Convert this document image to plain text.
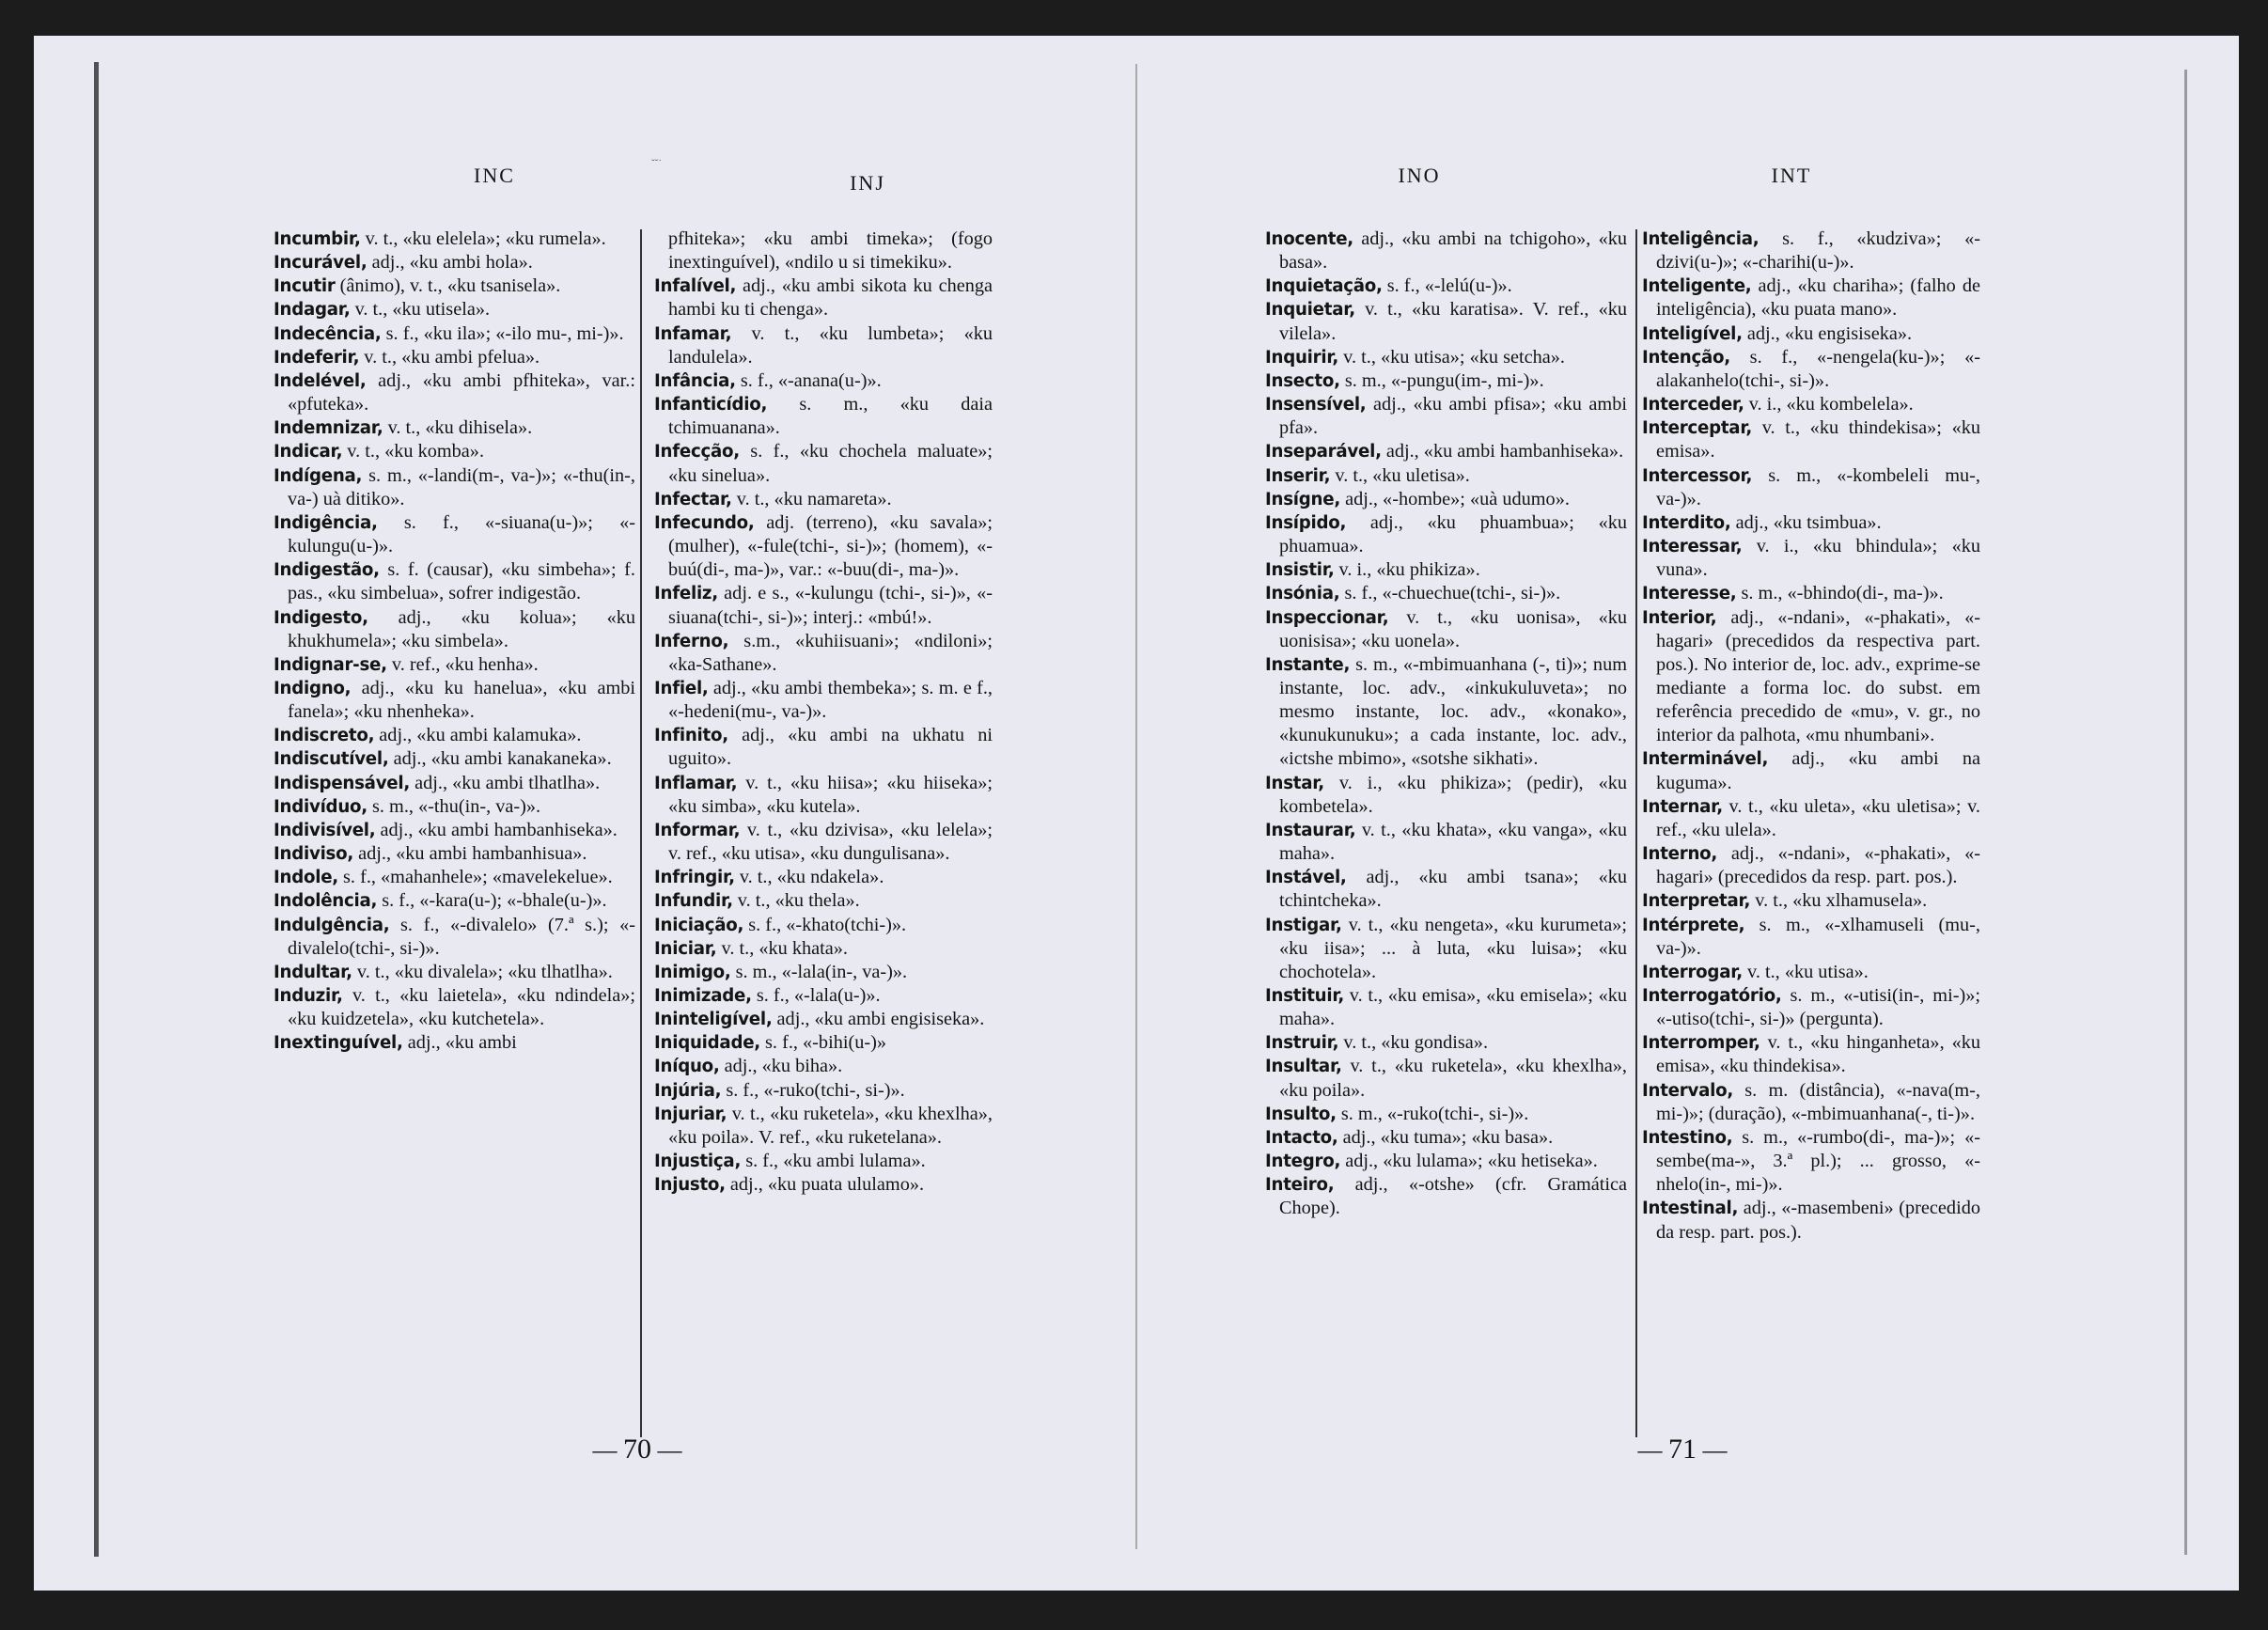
INC	ˇˇ˙
INJ

Incumbir, v. t., «ku elelela»; «ku rumela».

Incurável, adj., «ku ambi hola».

Incutir (ânimo), v. t., «ku tsanisela».

Indagar, v. t., «ku utisela».

Indecência, s. f., «ku ila»; «-ilo mu-, mi-)».

Indeferir, v. t., «ku ambi pfelua».

Indelével, adj., «ku ambi pfhiteka», var.: «pfuteka».

Indemnizar, v. t., «ku dihisela».

Indicar, v. t., «ku komba».

Indígena, s. m., «-landi(m-, va-)»; «-thu(in-, va-) uà ditiko».

Indigência, s. f., «-siuana(u-)»; «-kulungu(u-)».

Indigestão, s. f. (causar), «ku simbeha»; f. pas., «ku simbelua», sofrer indigestão.

Indigesto, adj., «ku kolua»; «ku khukhumela»; «ku simbela».

Indignar-se, v. ref., «ku henha».

Indigno, adj., «ku ku hanelua», «ku ambi fanela»; «ku nhenheka».

Indiscreto, adj., «ku ambi kalamuka».

Indiscutível, adj., «ku ambi kanakaneka».

Indispensável, adj., «ku ambi tlhatlha».

Indivíduo, s. m., «-thu(in-, va-)».

Indivisível, adj., «ku ambi hambanhiseka».

Indiviso, adj., «ku ambi hambanhisua».

Indole, s. f., «mahanhele»; «mavelekelue».

Indolência, s. f., «-kara(u-); «-bhale(u-)».

Indulgência, s. f., «-divalelo» (7.ª s.); «-divalelo(tchi-, si-)».

Indultar, v. t., «ku divalela»; «ku tlhatlha».

Induzir, v. t., «ku laietela», «ku ndindela»; «ku kuidzetela», «ku kutchetela».

Inextinguível, adj., «ku ambi

pfhiteka»; «ku ambi timeka»; (fogo inextinguível), «ndilo u si timekiku».

Infalível, adj., «ku ambi sikota ku chenga hambi ku ti chenga».

Infamar, v. t., «ku lumbeta»; «ku landulela».

Infância, s. f., «-anana(u-)».

Infanticídio, s. m., «ku daia tchimuanana».

Infecção, s. f., «ku chochela maluate»; «ku sinelua».

Infectar, v. t., «ku namareta».

Infecundo, adj. (terreno), «ku savala»; (mulher), «-fule(tchi-, si-)»; (homem), «-buú(di-, ma-)», var.: «-buu(di-, ma-)».

Infeliz, adj. e s., «-kulungu (tchi-, si-)», «-siuana(tchi-, si-)»; interj.: «mbú!».

Inferno, s.m., «kuhiisuani»; «ndiloni»; «ka-Sathane».

Infiel, adj., «ku ambi thembeka»; s. m. e f., «-hedeni(mu-, va-)».

Infinito, adj., «ku ambi na ukhatu ni uguito».

Inflamar, v. t., «ku hiisa»; «ku hiiseka»; «ku simba», «ku kutela».

Informar, v. t., «ku dzivisa», «ku lelela»; v. ref., «ku utisa», «ku dungulisana».

Infringir, v. t., «ku ndakela».

Infundir, v. t., «ku thela».

Iniciação, s. f., «-khato(tchi-)».

Iniciar, v. t., «ku khata».

Inimigo, s. m., «-lala(in-, va-)».

Inimizade, s. f., «-lala(u-)».

Ininteligível, adj., «ku ambi engisiseka».

Iniquidade, s. f., «-bihi(u-)»

Iníquo, adj., «ku biha».

Injúria, s. f., «-ruko(tchi-, si-)».

Injuriar, v. t., «ku ruketela», «ku khexlha», «ku poila». V. ref., «ku ruketelana».

Injustiça, s. f., «ku ambi lulama».

Injusto, adj., «ku puata ululamo».

— 70 —
INO	INT

Inocente, adj., «ku ambi na tchigoho», «ku basa».

Inquietação, s. f., «-lelú(u-)».

Inquietar, v. t., «ku karatisa». V. ref., «ku vilela».

Inquirir, v. t., «ku utisa»; «ku setcha».

Insecto, s. m., «-pungu(im-, mi-)».

Insensível, adj., «ku ambi pfisa»; «ku ambi pfa».

Inseparável, adj., «ku ambi hambanhiseka».

Inserir, v. t., «ku uletisa».

Insígne, adj., «-hombe»; «uà udumo».

Insípido, adj., «ku phuambua»; «ku phuamua».

Insistir, v. i., «ku phikiza».

Insónia, s. f., «-chuechue(tchi-, si-)».

Inspeccionar, v. t., «ku uonisa», «ku uonisisa»; «ku uonela».

Instante, s. m., «-mbimuanhana (-, ti)»; num instante, loc. adv., «inkukuluveta»; no mesmo instante, loc. adv., «konako», «kunukunuku»; a cada instante, loc. adv., «ictshe mbimo», «sotshe sikhati».

Instar, v. i., «ku phikiza»; (pedir), «ku kombetela».

Instaurar, v. t., «ku khata», «ku vanga», «ku maha».

Instável, adj., «ku ambi tsana»; «ku tchintcheka».

Instigar, v. t., «ku nengeta», «ku kurumeta»; «ku iisa»; ... à luta, «ku luisa»; «ku chochotela».

Instituir, v. t., «ku emisa», «ku emisela»; «ku maha».

Instruir, v. t., «ku gondisa».

Insultar, v. t., «ku ruketela», «ku khexlha», «ku poila».

Insulto, s. m., «-ruko(tchi-, si-)».

Intacto, adj., «ku tuma»; «ku basa».

Integro, adj., «ku lulama»; «ku hetiseka».

Inteiro, adj., «-otshe» (cfr. Gramática Chope).

Inteligência, s. f., «kudziva»; «-dzivi(u-)»; «-charihi(u-)».

Inteligente, adj., «ku chariha»; (falho de inteligência), «ku puata mano».

Inteligível, adj., «ku engisiseka».

Intenção, s. f., «-nengela(ku-)»; «-alakanhelo(tchi-, si-)».

Interceder, v. i., «ku kombelela».

Interceptar, v. t., «ku thindekisa»; «ku emisa».

Intercessor, s. m., «-kombeleli mu-, va-)».

Interdito, adj., «ku tsimbua».

Interessar, v. i., «ku bhindula»; «ku vuna».

Interesse, s. m., «-bhindo(di-, ma-)».

Interior, adj., «-ndani», «-phakati», «-hagari» (precedidos da respectiva part. pos.). No interior de, loc. adv., exprime-se mediante a forma loc. do subst. em referência precedido de «mu», v. gr., no interior da palhota, «mu nhumbani».

Interminável, adj., «ku ambi na kuguma».

Internar, v. t., «ku uleta», «ku uletisa»; v. ref., «ku ulela».

Interno, adj., «-ndani», «-phakati», «-hagari» (precedidos da resp. part. pos.).

Interpretar, v. t., «ku xlhamusela».

Intérprete, s. m., «-xlhamuseli (mu-, va-)».

Interrogar, v. t., «ku utisa».

Interrogatório, s. m., «-utisi(in-, mi-)»; «-utiso(tchi-, si-)» (pergunta).

Interromper, v. t., «ku hinganheta», «ku emisa», «ku thindekisa».

Intervalo, s. m. (distância), «-nava(m-, mi-)»; (duração), «-mbimuanhana(-, ti-)».

Intestino, s. m., «-rumbo(di-, ma-)»; «-sembe(ma-», 3.ª pl.); ... grosso, «-nhelo(in-, mi-)».

Intestinal, adj., «-masembeni» (precedido da resp. part. pos.).

— 71 —
